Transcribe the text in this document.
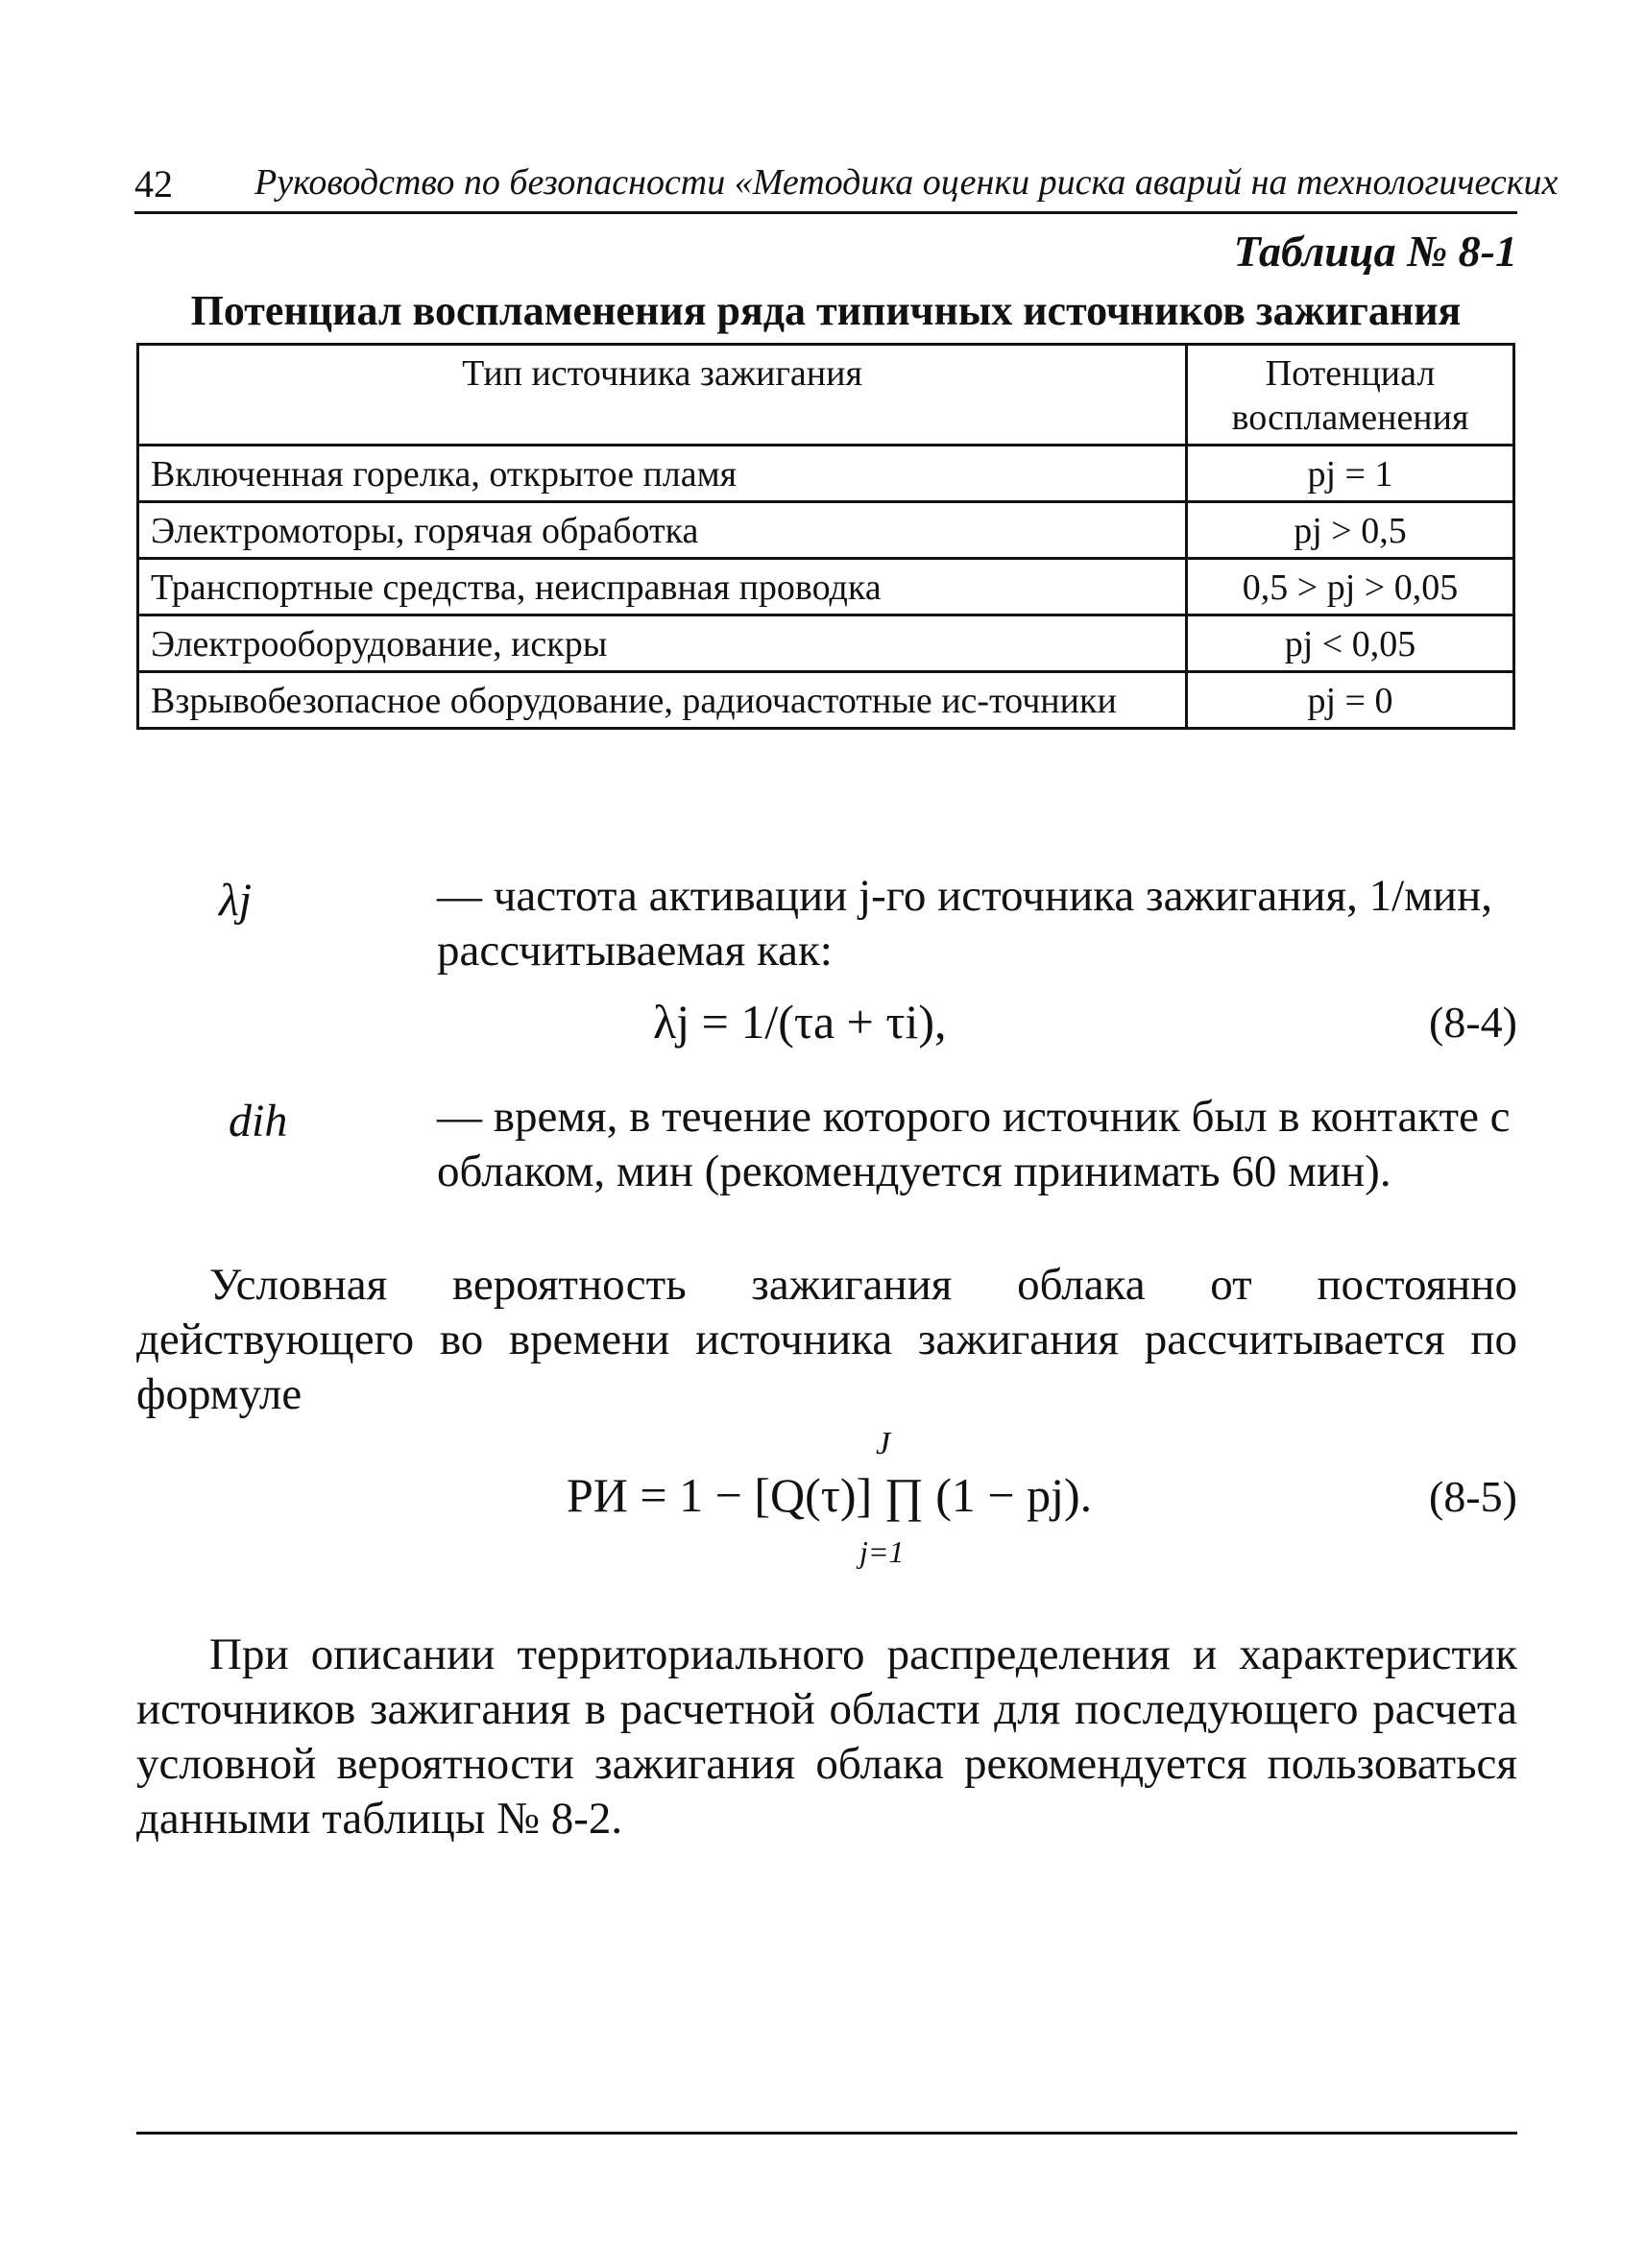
42 Руководство по безопасности «Методика оценки риска аварий на технологических
Таблица № 8-1
Потенциал воспламенения ряда типичных источников зажигания
Тип источника зажигания	Потенциал воспламенения
Включенная горелка, открытое пламя	pj = 1
Электромоторы, горячая обработка	pj > 0,5
Транспортные средства, неисправная проводка	0,5 > pj > 0,05
Электрооборудование, искры	pj < 0,05
Взрывобезопасное оборудование, радиочастотные ис-точники	pj = 0
λj	— частота активации j-го источника зажигания, 1/мин, рассчитываемая как:
λj = 1/(τa + τi),	(8-4)
dih	— время, в течение которого источник был в контакте с облаком, мин (рекомендуется принимать 60 мин).
Условная вероятность зажигания облака от постоянно действующего во времени источника зажигания рассчитывается по формуле
J
PИ = 1 − [Q(τ)] ∏ (1 − pj).
j=1
(8-5)
При описании территориального распределения и характеристик источников зажигания в расчетной области для последующего расчета условной вероятности зажигания облака рекомендуется пользоваться данными таблицы № 8-2.
